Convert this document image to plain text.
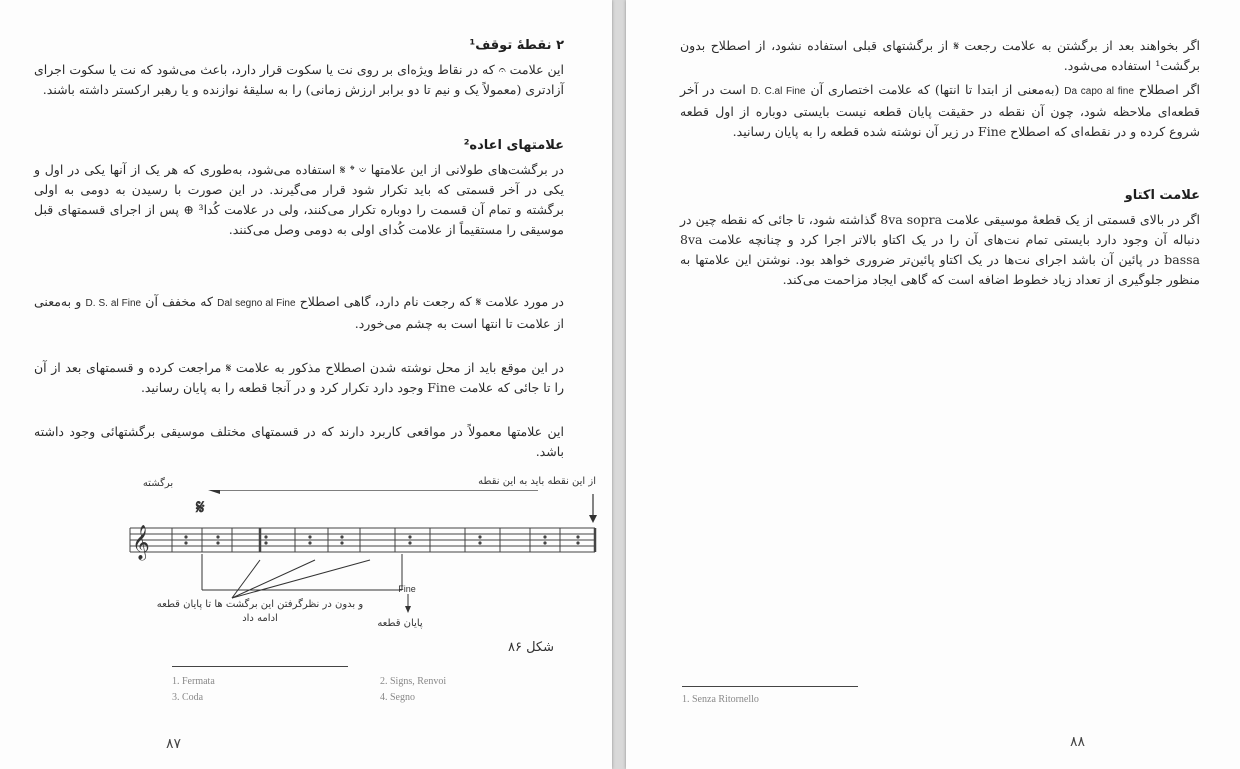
۲ نقطهٔ توقف¹
این علامت 𝄐 که در نقاط ویژه‌ای بر روی نت یا سکوت قرار دارد، باعث می‌شود که نت یا سکوت اجرای آزادتری (معمولاً یک و نیم تا دو برابر ارزش زمانی) را به سلیقهٔ نوازنده و یا رهبر ارکستر داشته باشند.
علامتهای اعاده²
در برگشت‌های طولانی از این علامتها 𝄋 𝄌 𝄑 استفاده می‌شود، به‌طوری که هر یک از آنها یکی در اول و یکی در آخر قسمتی که باید تکرار شود قرار می‌گیرند. در این صورت با رسیدن به دومی به اولی برگشته و تمام آن قسمت را دوباره تکرار می‌کنند، ولی در علامت کُدا³ ⊕ پس از اجرای قسمتهای قبل موسیقی را مستقیماً از علامت کُدای اولی به دومی وصل می‌کنند.
در مورد علامت 𝄋 که رجعت نام دارد، گاهی اصطلاح Dal segno al Fine که مخفف آن D. S. al Fine و به‌معنی از علامت تا انتها است به چشم می‌خورد.
در این موقع باید از محل نوشته شدن اصطلاح مذکور به علامت 𝄋 مراجعت کرده و قسمتهای بعد از آن را تا جائی که علامت Fine وجود دارد تکرار کرد و در آنجا قطعه را به پایان رسانید.
این علامتها معمولاً در مواقعی کاربرد دارند که در قسمتهای مختلف موسیقی برگشتهائی وجود داشته باشد.
از این نقطه باید به این نقطه
برگشته
𝄋
𝄞
Fine
پایان قطعه
و بدون در نظرگرفتن این برگشت ها تا پایان قطعه ادامه داد
شکل ۸۶
1. Fermata	2. Signs, Renvoi
3. Coda	4. Segno
۸۷
اگر بخواهند بعد از برگشتن به علامت رجعت 𝄋 از برگشتهای قبلی استفاده نشود، از اصطلاح بدون برگشت¹ استفاده می‌شود.
اگر اصطلاح Da capo al fine (به‌معنی از ابتدا تا انتها) که علامت اختصاری آن D. C.al Fine است در آخر قطعه‌ای ملاحظه شود، چون آن نقطه در حقیقت پایان قطعه نیست بایستی دوباره از اول قطعه شروع کرده و در نقطه‌ای که اصطلاح Fine در زیر آن نوشته شده قطعه را به پایان رسانید.
علامت اکتاو
اگر در بالای قسمتی از یک قطعهٔ موسیقی علامت 8va sopra گذاشته شود، تا جائی که نقطه چین در دنباله آن وجود دارد بایستی تمام نت‌های آن را در یک اکتاو بالاتر اجرا کرد و چنانچه علامت 8va bassa در پائین آن باشد اجرای نت‌ها در یک اکتاو پائین‌تر ضروری خواهد بود. نوشتن این علامتها به منظور جلوگیری از تعداد زیاد خطوط اضافه است که گاهی ایجاد مزاحمت می‌کند.
1. Senza Ritornello
۸۸
